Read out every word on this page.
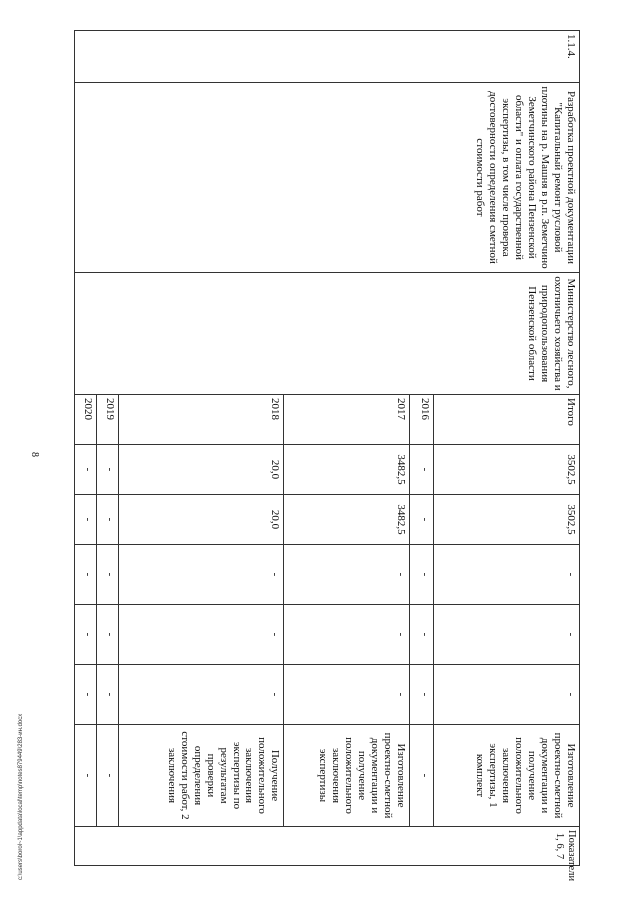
8
1.1.4.	Разработка проектной документации "Капитальный ремонт русловой плотины на р. Машня в р.п. Земетчино Земетчинского района Пензенской области" и оплата государственной экспертизы, в том числе проверка достоверности определения сметной стоимости работ	Министерство лесного, охотничьего хозяйства и природопользования Пензенской области	Итого	3502,5	3502,5	-	-	-	Изготовление проектно-сметной документации и получение положительного заключения экспертизы, 1 комплект	Показатели 1, 6, 7
			2016	-	-	-	-	-	-	
			2017	3482,5	3482,5	-	-	-	Изготовление проектно-сметной документации и получение положительного заключения экспертизы	
			2018	20,0	20,0	-	-	-	Получение положительного заключения экспертизы по результатам проверки определения стоимости работ, 2 заключения	
			2019	-	-	-	-	-	-	
			2020	-	-	-	-	-	-	
c:\users\borol~1\appdata\local\temp\notes879449\283-ин.docx
